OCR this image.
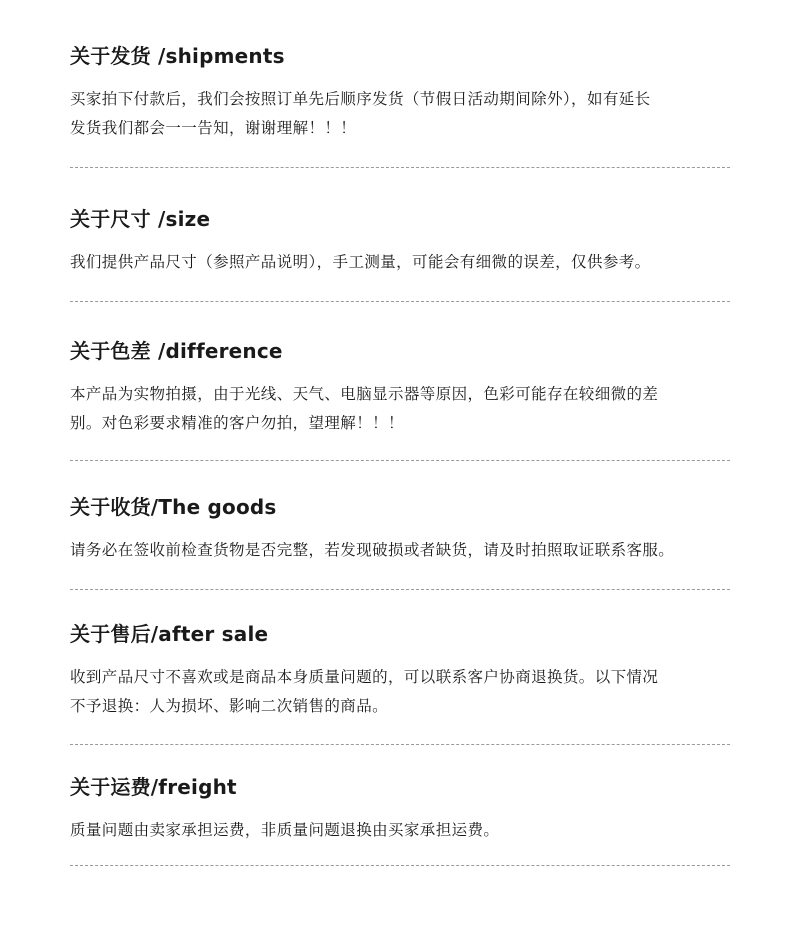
关于发货 /shipments

买家拍下付款后，我们会按照订单先后顺序发货（节假日活动期间除外），如有延长
发货我们都会一一告知，谢谢理解！！！

关于尺寸 /size

我们提供产品尺寸（参照产品说明），手工测量，可能会有细微的误差，仅供参考。

关于色差 /difference

本产品为实物拍摄，由于光线、天气、电脑显示器等原因，色彩可能存在较细微的差
别。对色彩要求精准的客户勿拍，望理解！！！

关于收货/The goods

请务必在签收前检查货物是否完整，若发现破损或者缺货，请及时拍照取证联系客服。

关于售后/after sale

收到产品尺寸不喜欢或是商品本身质量问题的，可以联系客户协商退换货。以下情况
不予退换：人为损坏、影响二次销售的商品。

关于运费/freight

质量问题由卖家承担运费，非质量问题退换由买家承担运费。
